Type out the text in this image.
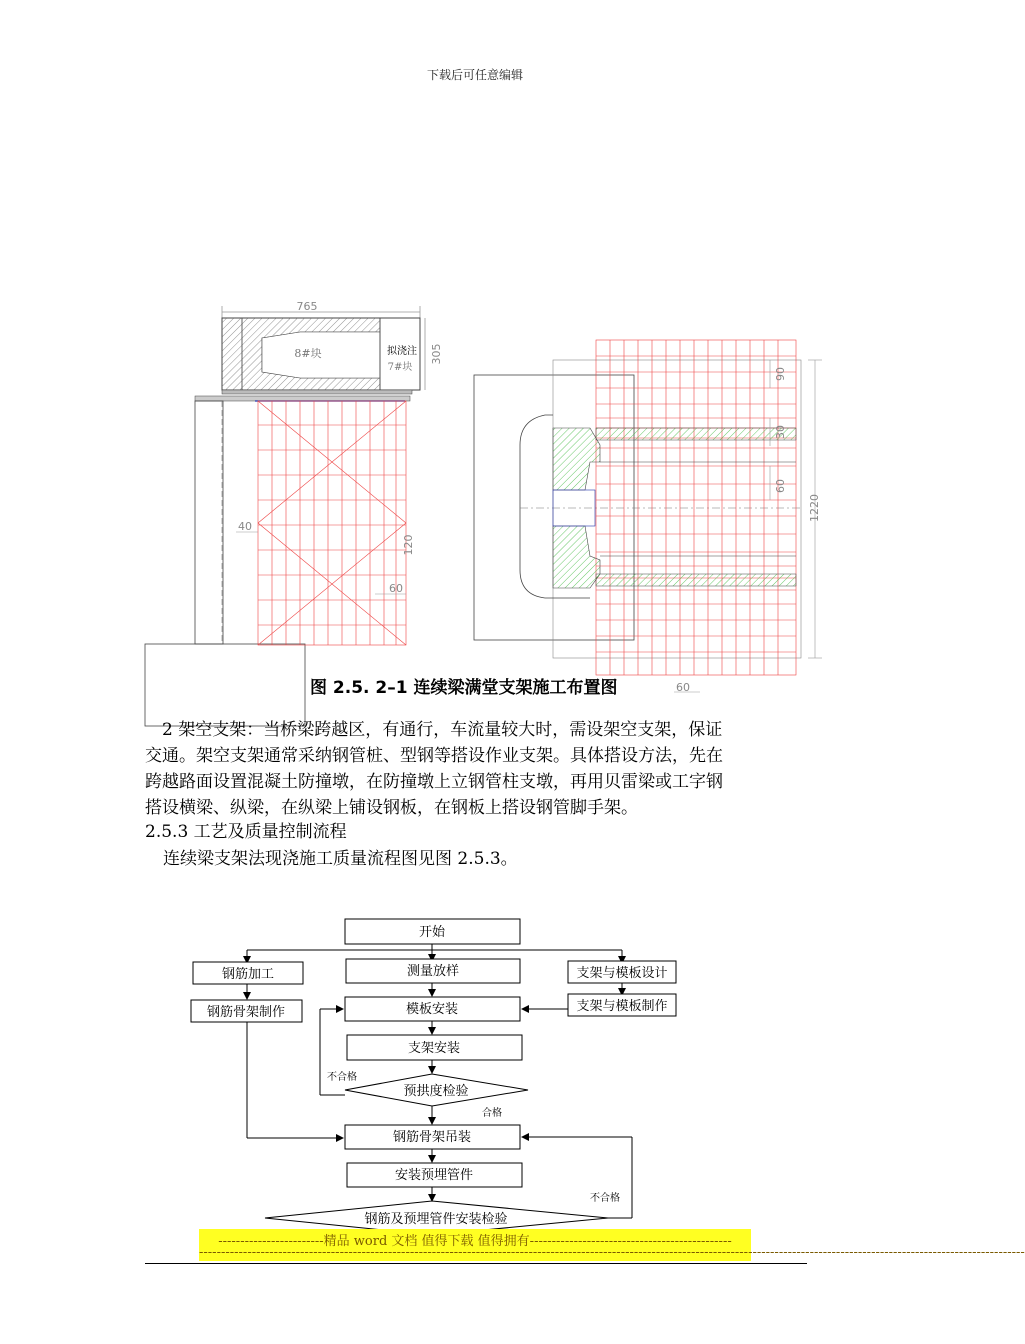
下载后可任意编辑
765
8#块	拟浇注
7#块
305
40
120
60
90
30
60
1220
60
图 2.5. 2–1 连续梁满堂支架施工布置图
　2 架空支架：当桥梁跨越区，有通行，车流量较大时，需设架空支架，保证
交通。架空支架通常采纳钢管桩、型钢等搭设作业支架。具体搭设方法，先在
跨越路面设置混凝土防撞墩，在防撞墩上立钢管柱支墩，再用贝雷梁或工字钢
搭设横梁、纵梁，在纵梁上铺设钢板，在钢板上搭设钢管脚手架。
2.5.3 工艺及质量控制流程
连续梁支架法现浇施工质量流程图见图 2.5.3。
开始
钢筋加工	测量放样	支架与模板设计
钢筋骨架制作	模板安装	支架与模板制作
支架安装
预拱度检验
钢筋骨架吊装
安装预埋管件
钢筋及预埋管件安装检验
不合格
合格
不合格
------------------------精品 word 文档 值得下载 值得拥有----------------------------------------------
--------------------------------------------------------------------------------------------------------------------------------------------------------------------------------------------
